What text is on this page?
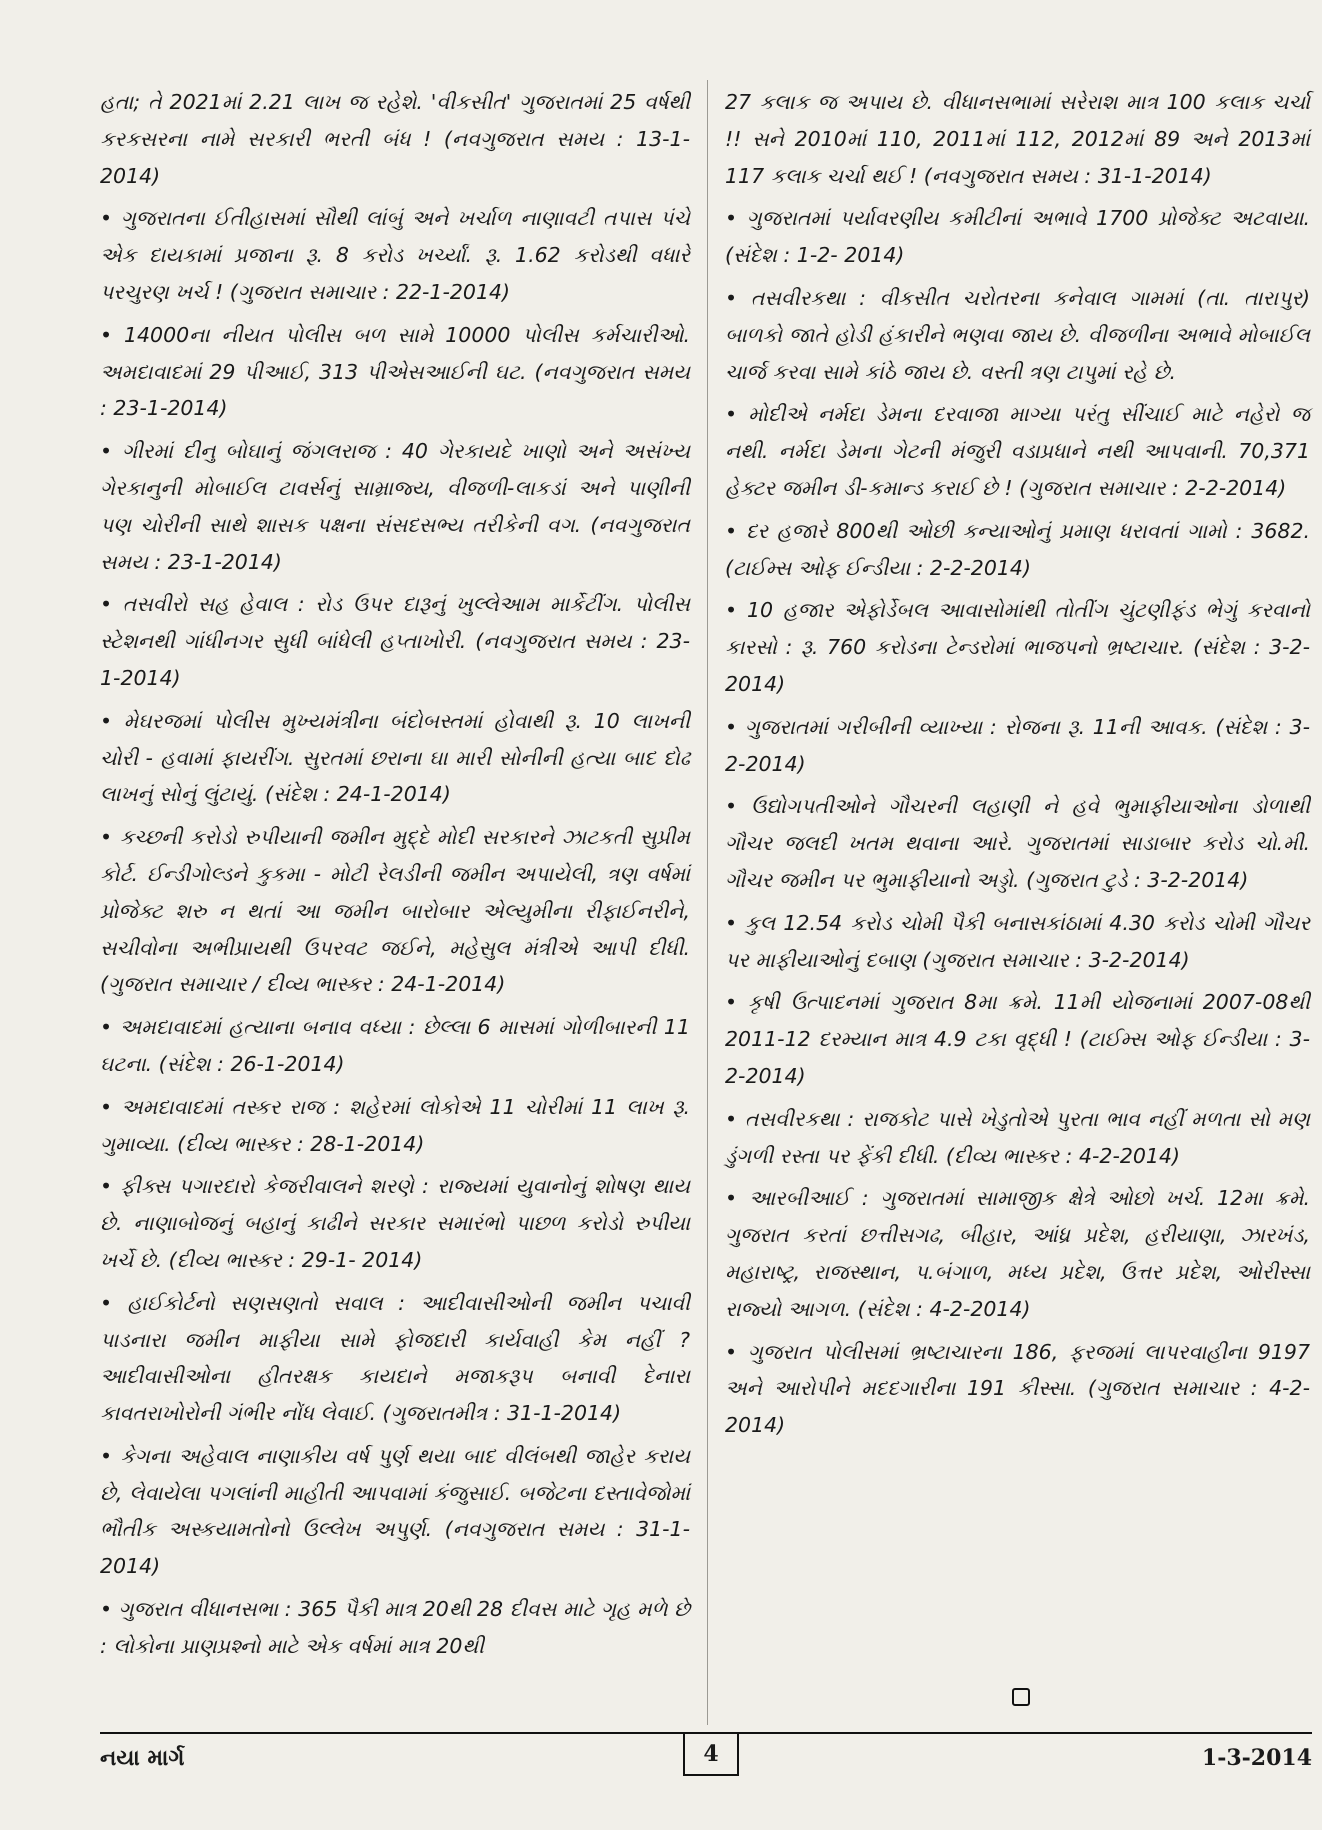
હતા; તે 2021માં 2.21 લાખ જ રહેશે. 'વીકસીત' ગુજરાતમાં 25 વર્ષથી કરકસરના નામે સરકારી ભરતી બંધ ! (નવગુજરાત સમય : 13-1- 2014)

• ગુજરાતના ઈતીહાસમાં સૌથી લાંબું અને ખર્ચાળ નાણાવટી તપાસ પંચે એક દાયકામાં પ્રજાના રૂ. 8 કરોડ ખર્ચ્યાં. રૂ. 1.62 કરોડથી વધારે પરચુરણ ખર્ચ ! (ગુજરાત સમાચાર : 22-1-2014)

• 14000ના નીયત પોલીસ બળ સામે 10000 પોલીસ કર્મચારીઓ. અમદાવાદમાં 29 પીઆઈ, 313 પીએસઆઈની ઘટ. (નવગુજરાત સમય : 23-1-2014)

• ગીરમાં દીનુ બોઘાનું જંગલરાજ : 40 ગેરકાયદે ખાણો અને અસંખ્ય ગેરકાનુની મોબાઈલ ટાવર્સનું સામ્રાજ્ય, વીજળી-લાકડાં અને પાણીની પણ ચોરીની સાથે શાસક પક્ષના સંસદસભ્ય તરીકેની વગ. (નવગુજરાત સમય : 23-1-2014)

• તસવીરો સહ હેવાલ : રોડ ઉપર દારૂનું ખુલ્લેઆમ માર્કેટીંગ. પોલીસ સ્ટેશનથી ગાંધીનગર સુધી બાંધેલી હપ્તાખોરી. (નવગુજરાત સમય : 23-1-2014)

• મેઘરજમાં પોલીસ મુખ્યમંત્રીના બંદોબસ્તમાં હોવાથી રૂ. 10 લાખની ચોરી - હવામાં ફાયરીંગ. સુરતમાં છરાના ઘા મારી સોનીની હત્યા બાદ દોઢ લાખનું સોનું લુંટાયું. (સંદેશ : 24-1-2014)

• કચ્છની કરોડો રુપીયાની જમીન મુદ્દે મોદી સરકારને ઝાટકતી સુપ્રીમ કોર્ટ. ઈન્ડીગોલ્ડને કુકમા - મોટી રેલડીની જમીન અપાયેલી, ત્રણ વર્ષમાં પ્રોજેક્ટ શરુ ન થતાં આ જમીન બારોબાર એલ્યુમીના રીફાઈનરીને, સચીવોના અભીપ્રાયથી ઉપરવટ જઈને, મહેસુલ મંત્રીએ આપી દીધી. (ગુજરાત સમાચાર / દીવ્ય ભાસ્કર : 24-1-2014)

• અમદાવાદમાં હત્યાના બનાવ વધ્યા : છેલ્લા 6 માસમાં ગોળીબારની 11 ઘટના. (સંદેશ : 26-1-2014)

• અમદાવાદમાં તસ્કર રાજ : શહેરમાં લોકોએ 11 ચોરીમાં 11 લાખ રૂ. ગુમાવ્યા. (દીવ્ય ભાસ્કર : 28-1-2014)

• ફીક્સ પગારદારો કેજરીવાલને શરણે : રાજ્યમાં યુવાનોનું શોષણ થાય છે. નાણાબોજનું બહાનું કાઢીને સરકાર સમારંભો પાછળ કરોડો રુપીયા ખર્ચે છે. (દીવ્ય ભાસ્કર : 29-1- 2014)

• હાઈકોર્ટનો સણસણતો સવાલ : આદીવાસીઓની જમીન પચાવી પાડનારા જમીન માફીયા સામે ફોજદારી કાર્યવાહી કેમ નહીં ? આદીવાસીઓના હીતરક્ષક કાયદાને મજાકરૂપ બનાવી દેનારા કાવતરાખોરોની ગંભીર નોંધ લેવાઈ. (ગુજરાતમીત્ર : 31-1-2014)

• કેગના અહેવાલ નાણાકીય વર્ષ પુર્ણ થયા બાદ વીલંબથી જાહેર કરાય છે, લેવાયેલા પગલાંની માહીતી આપવામાં કંજુસાઈ. બજેટના દસ્તાવેજોમાં ભૌતીક અસ્કયામતોનો ઉલ્લેખ અપુર્ણ. (નવગુજરાત સમય : 31-1-2014)

• ગુજરાત વીધાનસભા : 365 પૈકી માત્ર 20થી 28 દીવસ માટે ગૃહ મળે છે : લોકોના પ્રાણપ્રશ્નો માટે એક વર્ષમાં માત્ર 20થી

27 કલાક જ અપાય છે. વીધાનસભામાં સરેરાશ માત્ર 100 કલાક ચર્ચા !! સને 2010માં 110, 2011માં 112, 2012માં 89 અને 2013માં 117 કલાક ચર્ચા થઈ ! (નવગુજરાત સમય : 31-1-2014)

• ગુજરાતમાં પર્યાવરણીય કમીટીનાં અભાવે 1700 પ્રોજેક્ટ અટવાયા. (સંદેશ : 1-2- 2014)

• તસવીરકથા : વીકસીત ચરોતરના કનેવાલ ગામમાં (તા. તારાપુર) બાળકો જાતે હોડી હંકારીને ભણવા જાય છે. વીજળીના અભાવે મોબાઈલ ચાર્જ કરવા સામે કાંઠે જાય છે. વસ્તી ત્રણ ટાપુમાં રહે છે.

• મોદીએ નર્મદા ડેમના દરવાજા માગ્યા પરંતુ સીંચાઈ માટે નહેરો જ નથી. નર્મદા ડેમના ગેટની મંજુરી વડાપ્રધાને નથી આપવાની. 70,371 હેક્ટર જમીન ડી-કમાન્ડ કરાઈ છે ! (ગુજરાત સમાચાર : 2-2-2014)

• દર હજારે 800થી ઓછી કન્યાઓનું પ્રમાણ ધરાવતાં ગામો : 3682. (ટાઈમ્સ ઓફ ઈન્ડીયા : 2-2-2014)

• 10 હજાર એફોર્ડેબલ આવાસોમાંથી તોતીંગ ચુંટણીફંડ ભેગું કરવાનો કારસો : રૂ. 760 કરોડના ટેન્ડરોમાં ભાજપનો ભ્રષ્ટાચાર. (સંદેશ : 3-2-2014)

• ગુજરાતમાં ગરીબીની વ્યાખ્યા : રોજના રૂ. 11ની આવક. (સંદેશ : 3-2-2014)

• ઉદ્યોગપતીઓને ગૌચરની લહાણી ને હવે ભુમાફીયાઓના ડોળાથી ગૌચર જલદી ખતમ થવાના આરે. ગુજરાતમાં સાડાબાર કરોડ ચો.મી. ગૌચર જમીન પર ભુમાફીયાનો અડ્ડો. (ગુજરાત ટુડે : 3-2-2014)

• કુલ 12.54 કરોડ ચોમી પૈકી બનાસકાંઠામાં 4.30 કરોડ ચોમી ગૌચર પર માફીયાઓનું દબાણ (ગુજરાત સમાચાર : 3-2-2014)

• કૃષી ઉત્પાદનમાં ગુજરાત 8મા ક્રમે. 11મી યોજનામાં 2007-08થી 2011-12 દરમ્યાન માત્ર 4.9 ટકા વૃદ્ધી ! (ટાઈમ્સ ઓફ ઈન્ડીયા : 3-2-2014)

• તસવીરકથા : રાજકોટ પાસે ખેડુતોએ પુરતા ભાવ નહીં મળતા સો મણ ડુંગળી રસ્તા પર ફેંકી દીધી. (દીવ્ય ભાસ્કર : 4-2-2014)

• આરબીઆઈ : ગુજરાતમાં સામાજીક ક્ષેત્રે ઓછો ખર્ચ. 12મા ક્રમે. ગુજરાત કરતાં છત્તીસગઢ, બીહાર, આંધ્ર પ્રદેશ, હરીયાણા, ઝારખંડ, મહારાષ્ટ્ર, રાજસ્થાન, પ.બંગાળ, મધ્ય પ્રદેશ, ઉત્તર પ્રદેશ, ઓરીસ્સા રાજ્યો આગળ. (સંદેશ : 4-2-2014)

• ગુજરાત પોલીસમાં ભ્રષ્ટાચારના 186, ફરજમાં લાપરવાહીના 9197 અને આરોપીને મદદગારીના 191 કીસ્સા. (ગુજરાત સમાચાર : 4-2-2014)

નયા માર્ગ	4	1-3-2014
